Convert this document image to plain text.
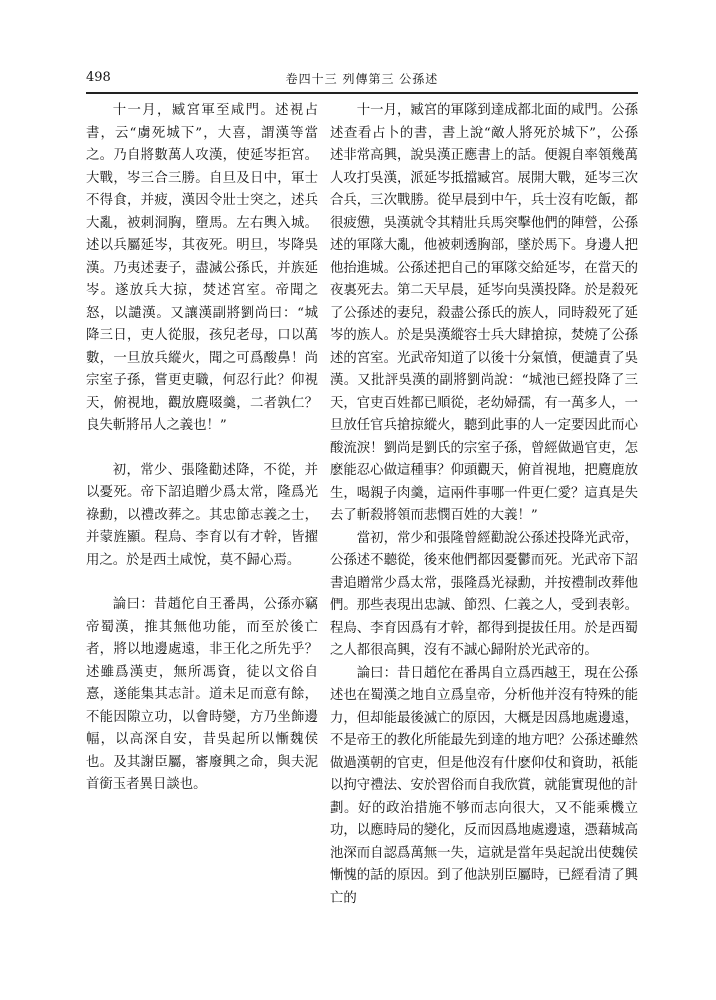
498	卷四十三 列傳第三 公孫述

十一月，臧宮軍至咸門。述視占書，云“虜死城下”，大喜，謂漢等當之。乃自將數萬人攻漢，使延岑拒宮。大戰，岑三合三勝。自旦及日中，軍士不得食，并疲，漢因令壯士突之，述兵大亂，被刺洞胸，墮馬。左右輿入城。述以兵屬延岑，其夜死。明旦，岑降吳漢。乃夷述妻子，盡滅公孫氏，并族延岑。遂放兵大掠，焚述宮室。帝聞之怒，以譴漢。又讓漢副將劉尚曰：“城降三日，吏人從服，孩兒老母，口以萬數，一旦放兵縱火，聞之可爲酸鼻！尚宗室子孫，嘗更吏職，何忍行此？仰視天，俯視地，觀放麑啜羹，二者孰仁？良失斬將吊人之義也！”

初，常少、張隆勸述降，不從，并以憂死。帝下詔追贈少爲太常，隆爲光祿勳，以禮改葬之。其忠節志義之士，并蒙旌顯。程烏、李育以有才幹，皆擢用之。於是西土咸悅，莫不歸心焉。

論曰：昔趙佗自王番禺，公孫亦竊帝蜀漢，推其無他功能，而至於後亡者，將以地邊處遠，非王化之所先乎？述雖爲漢吏，無所馮資，徒以文俗自憙，遂能集其志計。道未足而意有餘，不能因隙立功，以會時變，方乃坐飾邊幅，以高深自安，昔吳起所以慚魏侯也。及其謝臣屬，審廢興之命，與夫泥首銜玉者異日談也。

十一月，臧宮的軍隊到達成都北面的咸門。公孫述查看占卜的書，書上說“敵人將死於城下”，公孫述非常高興，說吳漢正應書上的話。便親自率領幾萬人攻打吳漢，派延岑抵擋臧宮。展開大戰，延岑三次合兵，三次戰勝。從早晨到中午，兵士沒有吃飯，都很疲憊，吳漢就令其精壯兵馬突擊他們的陣營，公孫述的軍隊大亂，他被刺透胸部，墜於馬下。身邊人把他抬進城。公孫述把自己的軍隊交給延岑，在當天的夜裏死去。第二天早晨，延岑向吳漢投降。於是殺死了公孫述的妻兒，殺盡公孫氏的族人，同時殺死了延岑的族人。於是吳漢縱容士兵大肆搶掠，焚燒了公孫述的宮室。光武帝知道了以後十分氣憤，便譴責了吳漢。又批評吳漢的副將劉尚說：“城池已經投降了三天，官吏百姓都已順從，老幼婦孺，有一萬多人，一旦放任官兵搶掠縱火，聽到此事的人一定要因此而心酸流淚！劉尚是劉氏的宗室子孫，曾經做過官吏，怎麽能忍心做這種事？仰頭觀天，俯首視地，把麑鹿放生，喝親子肉羹，這兩件事哪一件更仁愛？這真是失去了斬殺將領而悲憫百姓的大義！”

當初，常少和張隆曾經勸說公孫述投降光武帝，公孫述不聽從，後來他們都因憂鬱而死。光武帝下詔書追贈常少爲太常，張隆爲光禄勳，并按禮制改葬他們。那些表現出忠誠、節烈、仁義之人，受到表彰。程烏、李育因爲有才幹，都得到提拔任用。於是西蜀之人都很高興，沒有不誠心歸附於光武帝的。

論曰：昔日趙佗在番禺自立爲西越王，現在公孫述也在蜀漢之地自立爲皇帝，分析他并沒有特殊的能力，但却能最後滅亡的原因，大概是因爲地處邊遠，不是帝王的教化所能最先到達的地方吧？公孫述雖然做過漢朝的官吏，但是他沒有什麽仰仗和資助，祇能以拘守禮法、安於習俗而自我欣賞，就能實現他的計劃。好的政治措施不够而志向很大，又不能乘機立功，以應時局的變化，反而因爲地處邊遠，憑藉城高池深而自認爲萬無一失，這就是當年吳起說出使魏侯慚愧的話的原因。到了他訣别臣屬時，已經看清了興亡的
